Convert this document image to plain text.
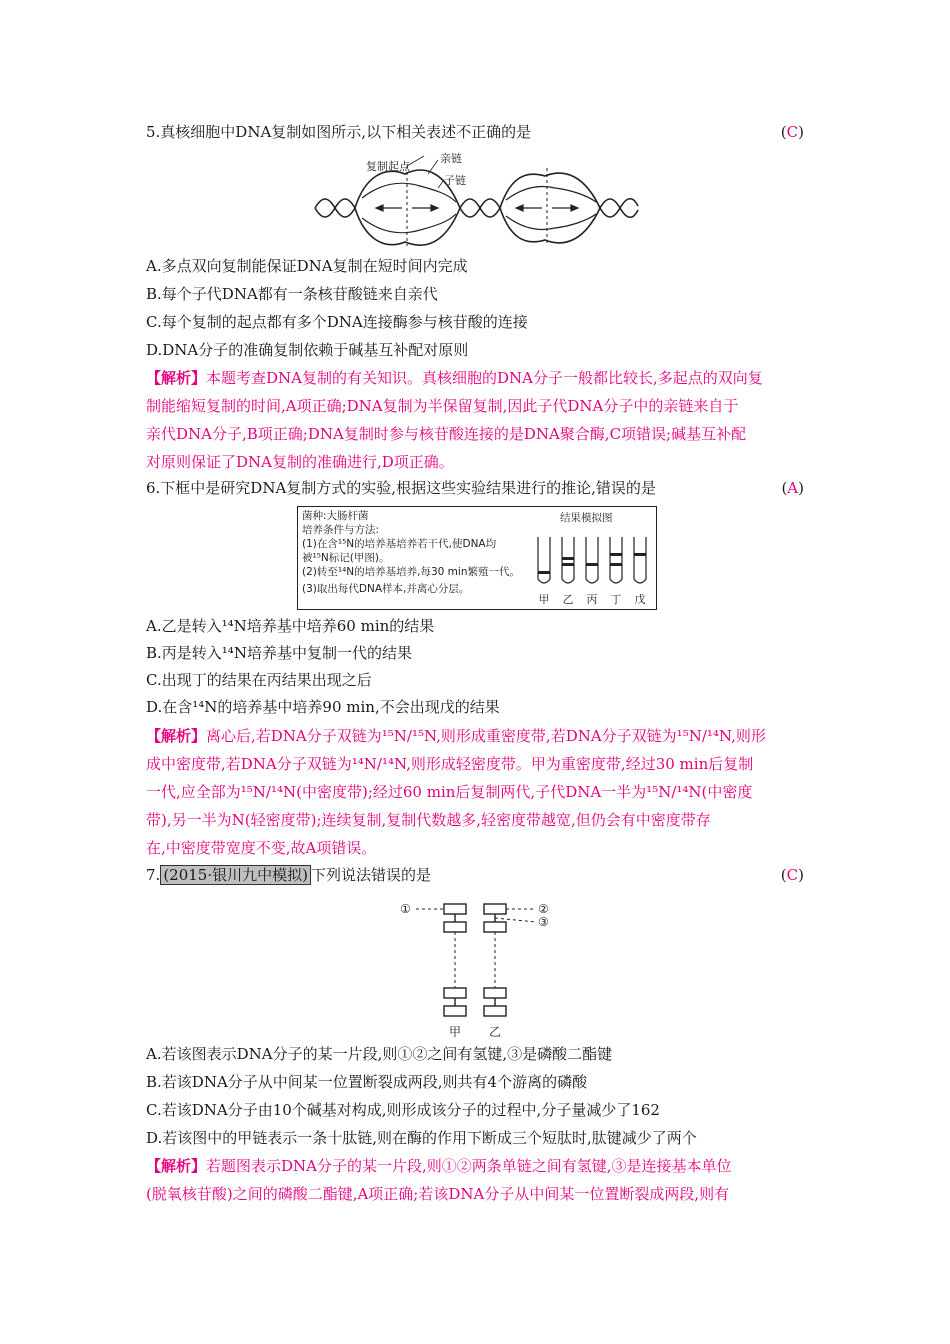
5.真核细胞中DNA复制如图所示,以下相关表述不正确的是	(C)
复制起点
亲链
子链
A.多点双向复制能保证DNA复制在短时间内完成
B.每个子代DNA都有一条核苷酸链来自亲代
C.每个复制的起点都有多个DNA连接酶参与核苷酸的连接
D.DNA分子的准确复制依赖于碱基互补配对原则
【解析】本题考查DNA复制的有关知识。真核细胞的DNA分子一般都比较长,多起点的双向复
制能缩短复制的时间,A项正确;DNA复制为半保留复制,因此子代DNA分子中的亲链来自于
亲代DNA分子,B项正确;DNA复制时参与核苷酸连接的是DNA聚合酶,C项错误;碱基互补配
对原则保证了DNA复制的准确进行,D项正确。
6.下框中是研究DNA复制方式的实验,根据这些实验结果进行的推论,错误的是	(A)
菌种:大肠杆菌
培养条件与方法:
(1)在含¹⁵N的培养基培养若干代,使DNA均
被¹⁵N标记(甲图)。
(2)转至¹⁴N的培养基培养,每30 min繁殖一代。
(3)取出每代DNA样本,并离心分层。
结果模拟图
甲 乙 丙 丁 戊
A.乙是转入¹⁴N培养基中培养60 min的结果
B.丙是转入¹⁴N培养基中复制一代的结果
C.出现丁的结果在丙结果出现之后
D.在含¹⁴N的培养基中培养90 min,不会出现戊的结果
【解析】离心后,若DNA分子双链为¹⁵N/¹⁵N,则形成重密度带,若DNA分子双链为¹⁵N/¹⁴N,则形
成中密度带,若DNA分子双链为¹⁴N/¹⁴N,则形成轻密度带。甲为重密度带,经过30 min后复制
一代,应全部为¹⁵N/¹⁴N(中密度带);经过60 min后复制两代,子代DNA一半为¹⁵N/¹⁴N(中密度
带),另一半为N(轻密度带);连续复制,复制代数越多,轻密度带越宽,但仍会有中密度带存
在,中密度带宽度不变,故A项错误。
7. (2015·银川九中模拟) 下列说法错误的是	(C)
①	②
③
甲 乙
A.若该图表示DNA分子的某一片段,则①②之间有氢键,③是磷酸二酯键
B.若该DNA分子从中间某一位置断裂成两段,则共有4个游离的磷酸
C.若该DNA分子由10个碱基对构成,则形成该分子的过程中,分子量减少了162
D.若该图中的甲链表示一条十肽链,则在酶的作用下断成三个短肽时,肽键减少了两个
【解析】若题图表示DNA分子的某一片段,则①②两条单链之间有氢键,③是连接基本单位
(脱氧核苷酸)之间的磷酸二酯键,A项正确;若该DNA分子从中间某一位置断裂成两段,则有
